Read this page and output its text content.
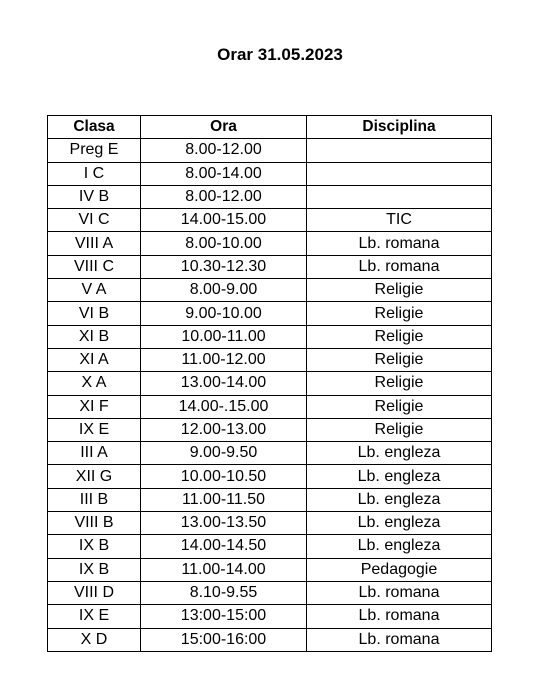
Orar 31.05.2023
Clasa	Ora	Disciplina
Preg E	8.00-12.00	
I C	8.00-14.00	
IV B	8.00-12.00	
VI C	14.00-15.00	TIC
VIII A	8.00-10.00	Lb. romana
VIII C	10.30-12.30	Lb. romana
V A	8.00-9.00	Religie
VI B	9.00-10.00	Religie
XI B	10.00-11.00	Religie
XI A	11.00-12.00	Religie
X A	13.00-14.00	Religie
XI F	14.00-.15.00	Religie
IX E	12.00-13.00	Religie
III A	9.00-9.50	Lb. engleza
XII G	10.00-10.50	Lb. engleza
III B	11.00-11.50	Lb. engleza
VIII B	13.00-13.50	Lb. engleza
IX B	14.00-14.50	Lb. engleza
IX B	11.00-14.00	Pedagogie
VIII D	8.10-9.55	Lb. romana
IX E	13:00-15:00	Lb. romana
X D	15:00-16:00	Lb. romana
